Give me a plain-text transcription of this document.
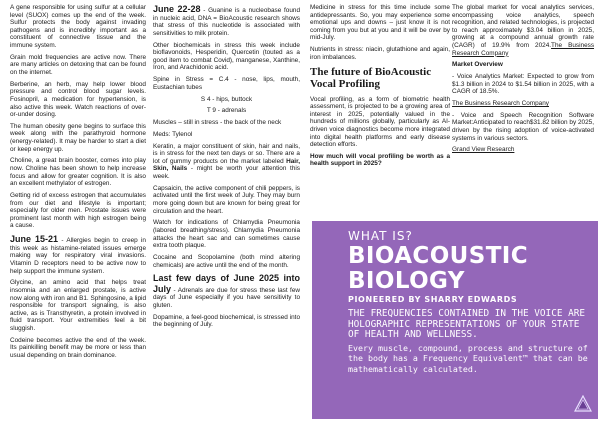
A gene responsible for using sulfur at a cellular level (SUOX) comes up the end of the week. Sulfur protects the body against invading pathogens and is incredibly important as a constituent of connective tissue and the immune system.

Grain mold frequencies are active now. There are many articles on detoxing that can be found on the internet.

Berberine, an herb, may help lower blood pressure and control blood sugar levels. Fosinopril, a medication for hypertension, is also active this week. Watch reactions of over-or-under dosing.

The human obesity gene begins to surface this week along with the parathyroid hormone (energy-related). It may be harder to start a diet or keep energy up.

Choline, a great brain booster, comes into play now. Choline has been shown to help increase focus and allow for greater cognition. It is also an excellent methylator of estrogen.

Getting rid of excess estrogen that accumulates from our diet and lifestyle is important; especially for older men. Prostate issues were prominent last month with high estrogen being a cause.

June 15-21 - Allergies begin to creep in this week as histamine-related issues emerge making way for respiratory viral invasions. Vitamin D receptors need to be active now to help support the immune system.

Glycine, an amino acid that helps treat insomnia and an enlarged prostate, is active now along with iron and B1. Sphingosine, a lipid responsible for transport signaling, is also active, as is Transthyretin, a protein involved in fluid transport. Your extremities feel a bit sluggish.

Codeine becomes active the end of the week. Its painkilling benefit may be more or less than usual depending on brain dominance.

June 22-28 - Guanine is a nucleobase found in nucleic acid, DNA = BioAcoustic research shows that stress of this nucleotide is associated with sensitivities to milk protein.

Other biochemicals in stress this week include bioflavonoids, Hesperidin, Quercetin (touted as a good item to combat Covid), manganese, Xanthine, Iron, and Arachidonic acid.

Spine in Stress = C.4 - nose, lips, mouth, Eustachian tubes

S 4 - hips, buttock

T 9 - adrenals

Muscles – still in stress - the back of the neck

Meds: Tylenol

Keratin, a major constituent of skin, hair and nails, is in stress for the next ten days or so. There are a lot of gummy products on the market labeled Hair, Skin, Nails - might be worth your attention this week.

Capsaicin, the active component of chili peppers, is activated until the first week of July. They may burn more going down but are known for being great for circulation and the heart.

Watch for indications of Chlamydia Pneumonia (labored breathing/stress). Chlamydia Pneumonia attacks the heart sac and can sometimes cause extra tooth plaque.

Cocaine and Scopolamine (both mind altering chemicals) are active until the end of the month.

Last few days of June 2025 into July - Adrenals are due for stress these last few days of June especially if you have sensitivity to gluten.

Dopamine, a feel-good biochemical, is stressed into the beginning of July.

Medicine in stress for this time include some antidepressants. So, you may experience some emotional ups and downs – just know it is not coming from you but at you and it will be over by mid-July.

Nutrients in stress: niacin, glutathione and again, iron imbalances.

The future of BioAcoustic Vocal Profiling

Vocal profiling, as a form of biometric health assessment, is projected to be a growing area of interest in 2025, potentially valued in the hundreds of millions globally, particularly as AI-driven voice diagnostics become more integrated into digital health platforms and early disease detection efforts.

How much will vocal profiling be worth as a health support in 2025?

The global market for vocal analytics services, encompassing voice analytics, speech recognition, and related technologies, is projected to reach approximately $3.04 billion in 2025, growing at a compound annual growth rate (CAGR) of 19.9% from 2024.The Business Research Company

Market Overview

- Voice Analytics Market: Expected to grow from $1.3 billion in 2024 to $1.54 billion in 2025, with a CAGR of 18.5%.

The Business Research Company

- Voice and Speech Recognition Software Market:Anticipated to reach$31.82 billion by 2025, driven by the rising adoption of voice-activated systems in various sectors.

Grand View Research

WHAT IS?
BIOACOUSTIC
BIOLOGY
PIONEERED BY SHARRY EDWARDS
THE FREQUENCIES CONTAINED IN THE VOICE ARE HOLOGRAPHIC REPRESENTATIONS OF YOUR STATE OF HEALTH AND WELLNESS.
Every muscle, compound, process and structure of the body has a Frequency Equivalent™ that can be mathematically calculated.
